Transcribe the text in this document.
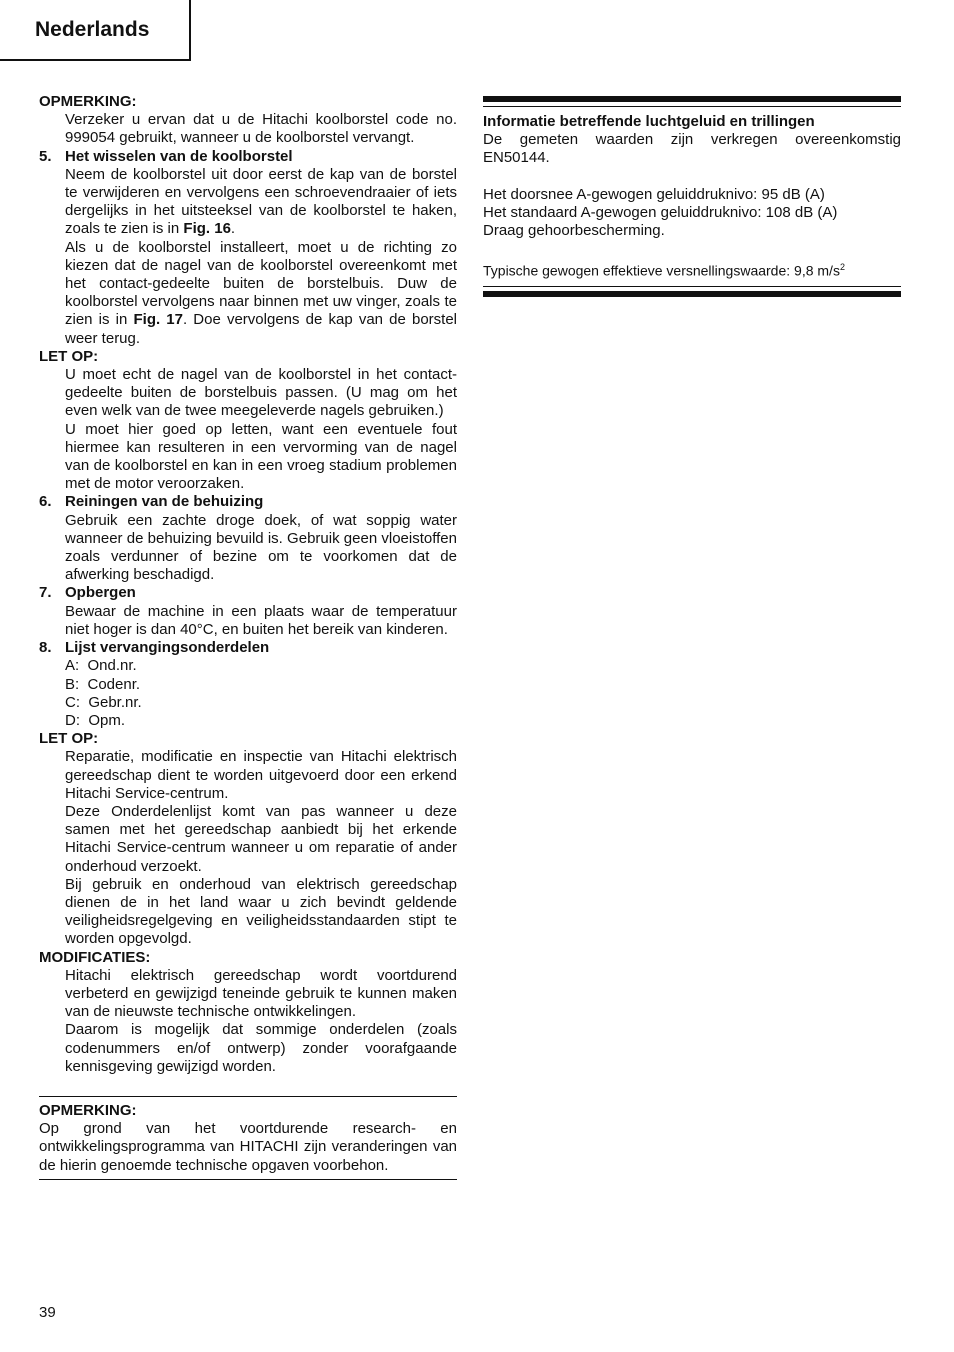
Nederlands

OPMERKING:

Verzeker u ervan dat u de Hitachi koolborstel code no. 999054 gebruikt, wanneer u de koolborstel vervangt.

5. Het wisselen van de koolborstel

Neem de koolborstel uit door eerst de kap van de borstel te verwijderen en vervolgens een schroevendraaier of iets dergelijks in het uitsteeksel van de koolborstel te haken, zoals te zien is in Fig. 16.

Als u de koolborstel installeert, moet u de richting zo kiezen dat de nagel van de koolborstel overeenkomt met het contact-gedeelte buiten de borstelbuis. Duw de koolborstel vervolgens naar binnen met uw vinger, zoals te zien is in Fig. 17. Doe vervolgens de kap van de borstel weer terug.

LET OP:

U moet echt de nagel van de koolborstel in het contact-gedeelte buiten de borstelbuis passen. (U mag om het even welk van de twee meegeleverde nagels gebruiken.)

U moet hier goed op letten, want een eventuele fout hiermee kan resulteren in een vervorming van de nagel van de koolborstel en kan in een vroeg stadium problemen met de motor veroorzaken.

6. Reiningen van de behuizing

Gebruik een zachte droge doek, of wat soppig water wanneer de behuizing bevuild is. Gebruik geen vloeistoffen zoals verdunner of bezine om te voorkomen dat de afwerking beschadigd.

7. Opbergen

Bewaar de machine in een plaats waar de temperatuur niet hoger is dan 40°C, en buiten het bereik van kinderen.

8. Lijst vervangingsonderdelen

A:  Ond.nr.

B:  Codenr.

C:  Gebr.nr.

D:  Opm.

LET OP:

Reparatie, modificatie en inspectie van Hitachi elektrisch gereedschap dient te worden uitgevoerd door een erkend Hitachi Service-centrum.

Deze Onderdelenlijst komt van pas wanneer u deze samen met het gereedschap aanbiedt bij het erkende Hitachi Service-centrum wanneer u om reparatie of ander onderhoud verzoekt.

Bij gebruik en onderhoud van elektrisch gereedschap dienen de in het land waar u zich bevindt geldende veiligheidsregelgeving en veiligheidsstandaarden stipt te worden opgevolgd.

MODIFICATIES:

Hitachi elektrisch gereedschap wordt voortdurend verbeterd en gewijzigd teneinde gebruik te kunnen maken van de nieuwste technische ontwikkelingen.

Daarom is mogelijk dat sommige onderdelen (zoals codenummers en/of ontwerp) zonder voorafgaande kennisgeving gewijzigd worden.

OPMERKING:

Op grond van het voortdurende research- en ontwikkelingsprogramma van HITACHI zijn veranderingen van de hierin genoemde technische opgaven voorbehon.

Informatie betreffende luchtgeluid en trillingen

De gemeten waarden zijn verkregen overeenkomstig EN50144.

Het doorsnee A-gewogen geluiddruknivo: 95 dB (A)

Het standaard A-gewogen geluiddruknivo: 108 dB (A)

Draag gehoorbescherming.

Typische gewogen effektieve versnellingswaarde: 9,8 $m/s^2$

39
